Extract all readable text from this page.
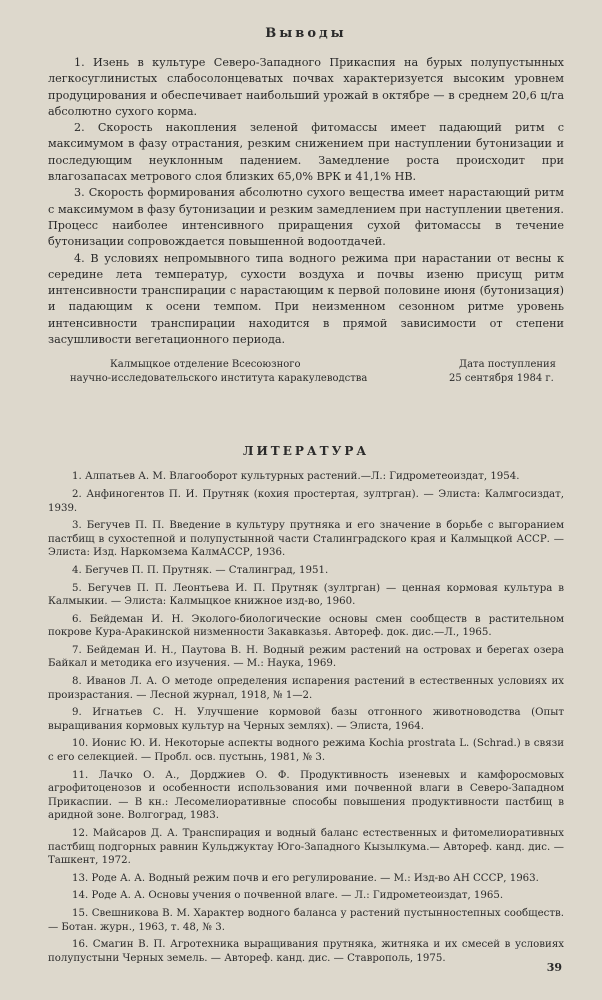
Выводы

1. Изень в культуре Северо-Западного Прикаспия на бурых полупустынных легкосуглинистых слабосолонцеватых почвах характеризуется высоким уровнем продуцирования и обеспечивает наибольший урожай в октябре — в среднем 20,6 ц/га абсолютно сухого корма.

2. Скорость накопления зеленой фитомассы имеет падающий ритм с максимумом в фазу отрастания, резким снижением при наступлении бутонизации и последующим неуклонным падением. Замедление роста происходит при влагозапасах метрового слоя близких 65,0% ВРК и 41,1% НВ.

3. Скорость формирования абсолютно сухого вещества имеет нарастающий ритм с максимумом в фазу бутонизации и резким замедлением при наступлении цветения. Процесс наиболее интенсивного приращения сухой фитомассы в течение бутонизации сопровождается повышенной водоотдачей.

4. В условиях непромывного типа водного режима при нарастании от весны к середине лета температур, сухости воздуха и почвы изеню присущ ритм интенсивности транспирации с нарастающим к первой половине июня (бутонизация) и падающим к осени темпом. При неизменном сезонном ритме уровень интенсивности транспирации находится в прямой зависимости от степени засушливости вегетационного периода.

Калмыцкое отделение Всесоюзного
научно-исследовательского института каракулеводства
Дата поступления
25 сентября 1984 г.
ЛИТЕРАТУРА

1. Алпатьев А. М. Влагооборот культурных растений.—Л.: Гидрометеоиздат, 1954.

2. Анфиногентов П. И. Прутняк (кохия простертая, зултрган). — Элиста: Калмгосиздат, 1939.

3. Бегучев П. П. Введение в культуру прутняка и его значение в борьбе с выгоранием пастбищ в сухостепной и полупустынной части Сталинградского края и Калмыцкой АССР. — Элиста: Изд. Наркомзема КалмАССР, 1936.

4. Бегучев П. П. Прутняк. — Сталинград, 1951.

5. Бегучев П. П. Леонтьева И. П. Прутняк (зултрган) — ценная кормовая культура в Калмыкии. — Элиста: Калмыцкое книжное изд-во, 1960.

6. Бейдеман И. Н. Эколого-биологические основы смен сообществ в растительном покрове Кура-Аракинской низменности Закавказья. Автореф. док. дис.—Л., 1965.

7. Бейдеман И. Н., Паутова В. Н. Водный режим растений на островах и берегах озера Байкал и методика его изучения. — М.: Наука, 1969.

8. Иванов Л. А. О методе определения испарения растений в естественных условиях их произрастания. — Лесной журнал, 1918, № 1—2.

9. Игнатьев С. Н. Улучшение кормовой базы отгонного животноводства (Опыт выращивания кормовых культур на Черных землях). — Элиста, 1964.

10. Ионис Ю. И. Некоторые аспекты водного режима Kochia prostrata L. (Schrad.) в связи с его селекцией. — Пробл. осв. пустынь, 1981, № 3.

11. Лачко О. А., Дорджиев О. Ф. Продуктивность изеневых и камфоросмовых агрофитоценозов и особенности использования ими почвенной влаги в Северо-Западном Прикаспии. — В кн.: Лесомелиоративные способы повышения продуктивности пастбищ в аридной зоне. Волгоград, 1983.

12. Майсаров Д. А. Транспирация и водный баланс естественных и фитомелиоративных пастбищ подгорных равнин Кульджуктау Юго-Западного Кызылкума.— Автореф. канд. дис. — Ташкент, 1972.

13. Роде А. А. Водный режим почв и его регулирование. — М.: Изд-во АН СССР, 1963.

14. Роде А. А. Основы учения о почвенной влаге. — Л.: Гидрометеоиздат, 1965.

15. Свешникова В. М. Характер водного баланса у растений пустынностепных сообществ. — Ботан. журн., 1963, т. 48, № 3.

16. Смагин В. П. Агротехника выращивания прутняка, житняка и их смесей в условиях полупустыни Черных земель. — Автореф. канд. дис. — Ставрополь, 1975.

39
